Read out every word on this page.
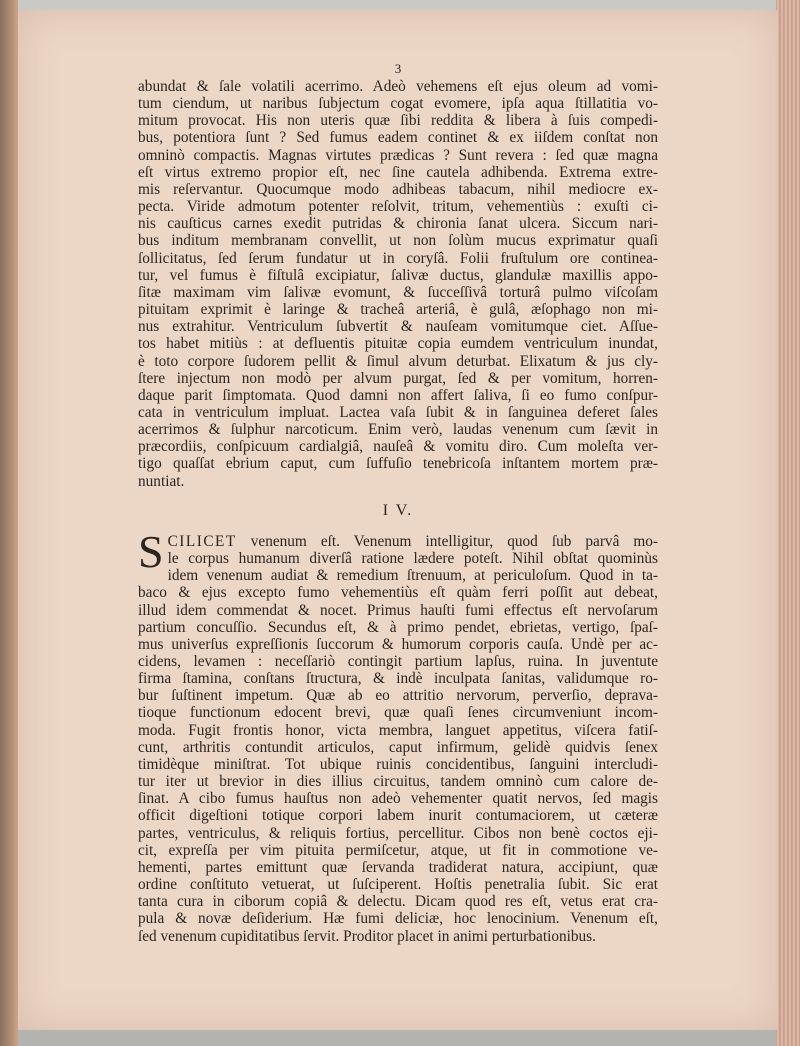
3
abundat & ſale volatili acerrimo. Adeò vehemens eſt ejus oleum ad vomi-
tum ciendum, ut naribus ſubjectum cogat evomere, ipſa aqua ſtillatitia vo-
mitum provocat. His non uteris quæ ſibi reddita & libera à ſuis compedi-
bus, potentiora ſunt ? Sed fumus eadem continet & ex iiſdem conſtat non
omninò compactis. Magnas virtutes prædicas ? Sunt revera : ſed quæ magna
eſt virtus extremo propior eſt, nec ſine cautela adhibenda. Extrema extre-
mis reſervantur. Quocumque modo adhibeas tabacum, nihil mediocre ex-
pecta. Viride admotum potenter reſolvit, tritum, vehementiùs : exuſti ci-
nis cauſticus carnes exedit putridas & chironia ſanat ulcera. Siccum nari-
bus inditum membranam convellit, ut non ſolùm mucus exprimatur quaſi
ſollicitatus, ſed ſerum fundatur ut in coryſâ. Folii fruſtulum ore continea-
tur, vel fumus è fiſtulâ excipiatur, ſalivæ ductus, glandulæ maxillis appo-
ſitæ maximam vim ſalivæ evomunt, & ſucceſſivâ torturâ pulmo viſcoſam
pituitam exprimit è laringe & tracheâ arteriâ, è gulâ, æſophago non mi-
nus extrahitur. Ventriculum ſubvertit & nauſeam vomitumque ciet. Aſſue-
tos habet mitiùs : at defluentis pituitæ copia eumdem ventriculum inundat,
è toto corpore ſudorem pellit & ſimul alvum deturbat. Elixatum & jus cly-
ſtere injectum non modò per alvum purgat, ſed & per vomitum, horren-
daque parit ſimptomata. Quod damni non affert ſaliva, ſi eo fumo conſpur-
cata in ventriculum impluat. Lactea vaſa ſubit & in ſanguinea deferet ſales
acerrimos & ſulphur narcoticum. Enim verò, laudas venenum cum ſævit in
præcordiis, conſpicuum cardialgiâ, nauſeâ & vomitu diro. Cum moleſta ver-
tigo quaſſat ebrium caput, cum ſuffuſio tenebricoſa inſtantem mortem præ-
nuntiat.
I V.
S CILICET venenum eſt. Venenum intelligitur, quod ſub parvâ mo-
le corpus humanum diverſâ ratione lædere poteſt. Nihil obſtat quominùs
idem venenum audiat & remedium ſtrenuum, at periculoſum. Quod in ta-
baco & ejus excepto fumo vehementiùs eſt quàm ferri poſſit aut debeat,
illud idem commendat & nocet. Primus hauſti fumi effectus eſt nervoſarum
partium concuſſio. Secundus eſt, & à primo pendet, ebrietas, vertigo, ſpaſ-
mus univerſus expreſſionis ſuccorum & humorum corporis cauſa. Undè per ac-
cidens, levamen : neceſſariò contingit partium lapſus, ruina. In juventute
firma ſtamina, conſtans ſtructura, & indè inculpata ſanitas, validumque ro-
bur ſuſtinent impetum. Quæ ab eo attritio nervorum, perverſio, deprava-
tioque functionum edocent brevi, quæ quaſi ſenes circumveniunt incom-
moda. Fugit frontis honor, victa membra, languet appetitus, viſcera fatiſ-
cunt, arthritis contundit articulos, caput infirmum, gelidè quidvis ſenex
timidèque miniſtrat. Tot ubique ruinis concidentibus, ſanguini intercludi-
tur iter ut brevior in dies illius circuitus, tandem omninò cum calore de-
ſinat. A cibo fumus hauſtus non adeò vehementer quatit nervos, ſed magis
officit digeſtioni totique corpori labem inurit contumaciorem, ut cæteræ
partes, ventriculus, & reliquis fortius, percellitur. Cibos non benè coctos eji-
cit, expreſſa per vim pituita permiſcetur, atque, ut fit in commotione ve-
hementi, partes emittunt quæ ſervanda tradiderat natura, accipiunt, quæ
ordine conſtituto vetuerat, ut ſuſciperent. Hoſtis penetralia ſubit. Sic erat
tanta cura in ciborum copiâ & delectu. Dicam quod res eſt, vetus erat cra-
pula & novæ deſiderium. Hæ fumi deliciæ, hoc lenocinium. Venenum eſt,
ſed venenum cupiditatibus ſervit. Proditor placet in animi perturbationibus.
